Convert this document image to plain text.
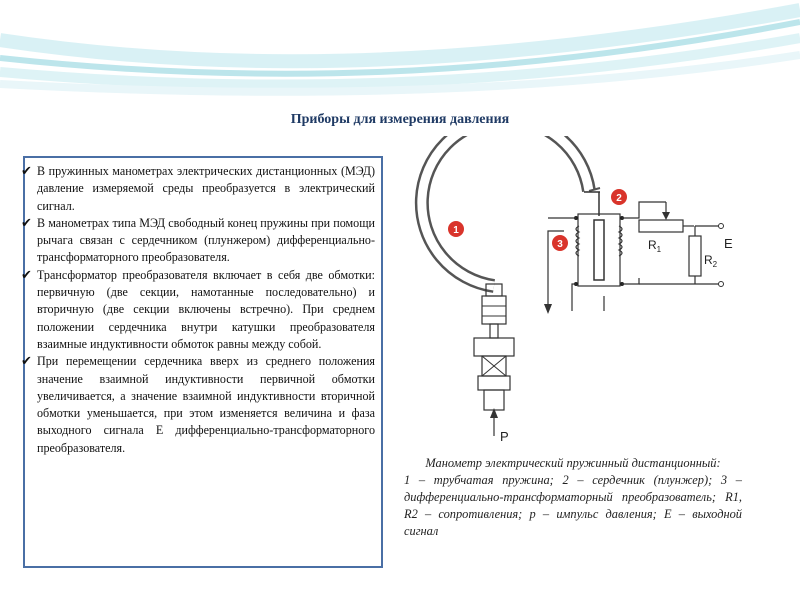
Приборы для измерения давления

✔ В пружинных манометрах электрических дистанционных (МЭД) давление измеряемой среды преобразуется в электрический сигнал.

✔ В манометрах типа МЭД свободный конец пружины при помощи рычага связан с сердечником (плунжером) дифференциально-трансформаторного преобразователя.

✔ Трансформатор преобразователя включает в себя две обмотки: первичную (две секции, намотанные последовательно) и вторичную (две секции включены встречно). При среднем положении сердечника внутри катушки преобразователя взаимные индуктивности обмоток равны между собой.

✔ При перемещении сердечника вверх из среднего положения значение взаимной индуктивности первичной обмотки увеличивается, а значение взаимной индуктивности вторичной обмотки уменьшается, при этом изменяется величина и фаза выходного сигнала Е дифференциально-трансформаторного преобразователя.

$R_1$
$R_2$
E
P
1
2
3
Манометр электрический пружинный дистанционный:
1 – трубчатая пружина; 2 – сердечник (плунжер); 3 – дифференциально-трансформаторный преобразователь; R1, R2 – сопротивления; р – импульс давления; Е – выходной сигнал
